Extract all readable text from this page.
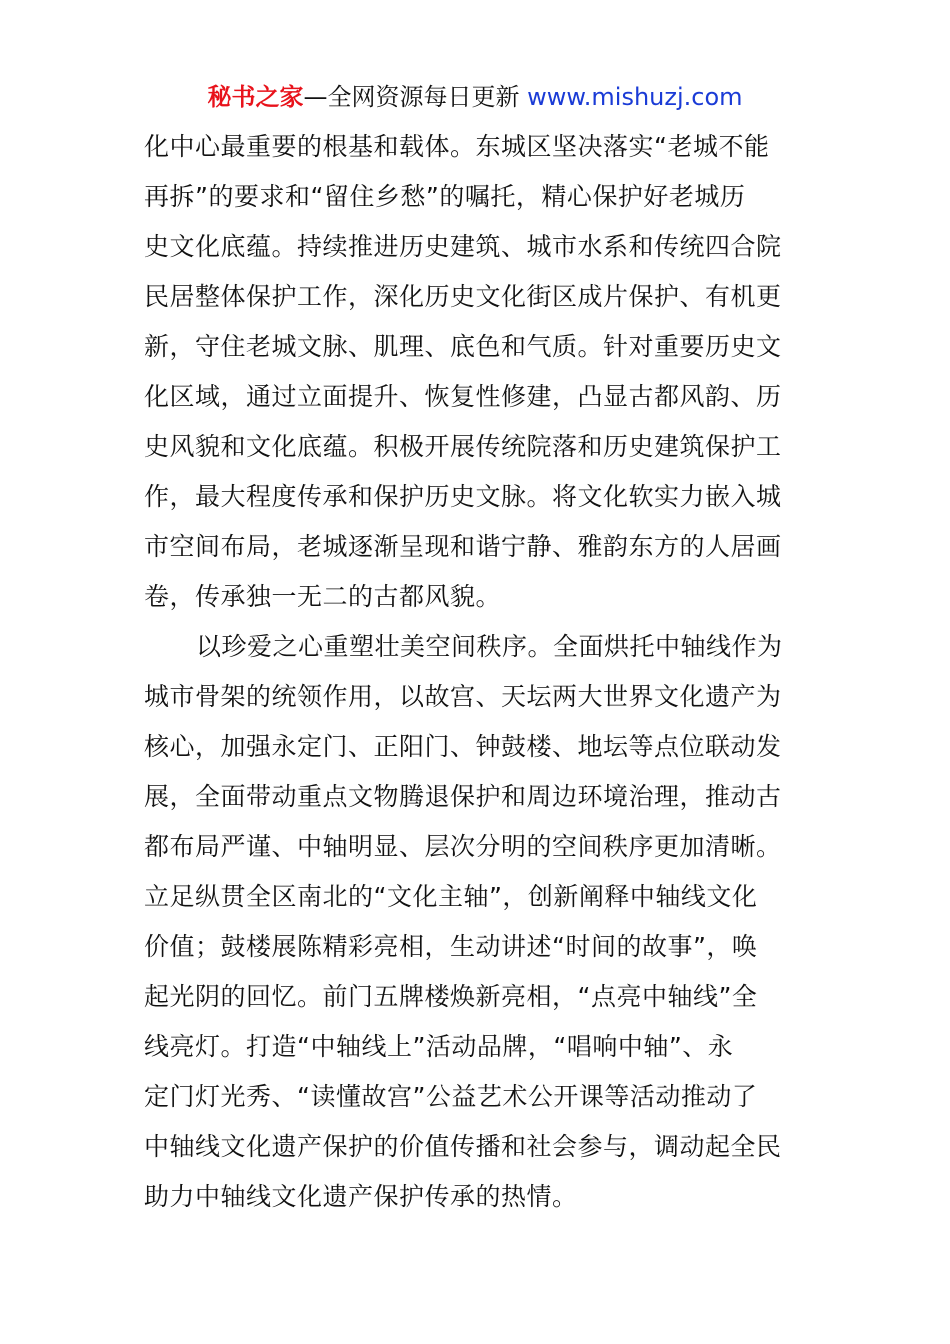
秘书之家—全网资源每日更新 www.mishuzj.com
化中心最重要的根基和载体。东城区坚决落实“老城不能
再拆”的要求和“留住乡愁”的嘱托，精心保护好老城历
史文化底蕴。持续推进历史建筑、城市水系和传统四合院
民居整体保护工作，深化历史文化街区成片保护、有机更
新，守住老城文脉、肌理、底色和气质。针对重要历史文
化区域，通过立面提升、恢复性修建，凸显古都风韵、历
史风貌和文化底蕴。积极开展传统院落和历史建筑保护工
作，最大程度传承和保护历史文脉。将文化软实力嵌入城
市空间布局，老城逐渐呈现和谐宁静、雅韵东方的人居画
卷，传承独一无二的古都风貌。
以珍爱之心重塑壮美空间秩序。全面烘托中轴线作为
城市骨架的统领作用，以故宫、天坛两大世界文化遗产为
核心，加强永定门、正阳门、钟鼓楼、地坛等点位联动发
展，全面带动重点文物腾退保护和周边环境治理，推动古
都布局严谨、中轴明显、层次分明的空间秩序更加清晰。
立足纵贯全区南北的“文化主轴”，创新阐释中轴线文化
价值；鼓楼展陈精彩亮相，生动讲述“时间的故事”，唤
起光阴的回忆。前门五牌楼焕新亮相，“点亮中轴线”全
线亮灯。打造“中轴线上”活动品牌，“唱响中轴”、永
定门灯光秀、“读懂故宫”公益艺术公开课等活动推动了
中轴线文化遗产保护的价值传播和社会参与，调动起全民
助力中轴线文化遗产保护传承的热情。
